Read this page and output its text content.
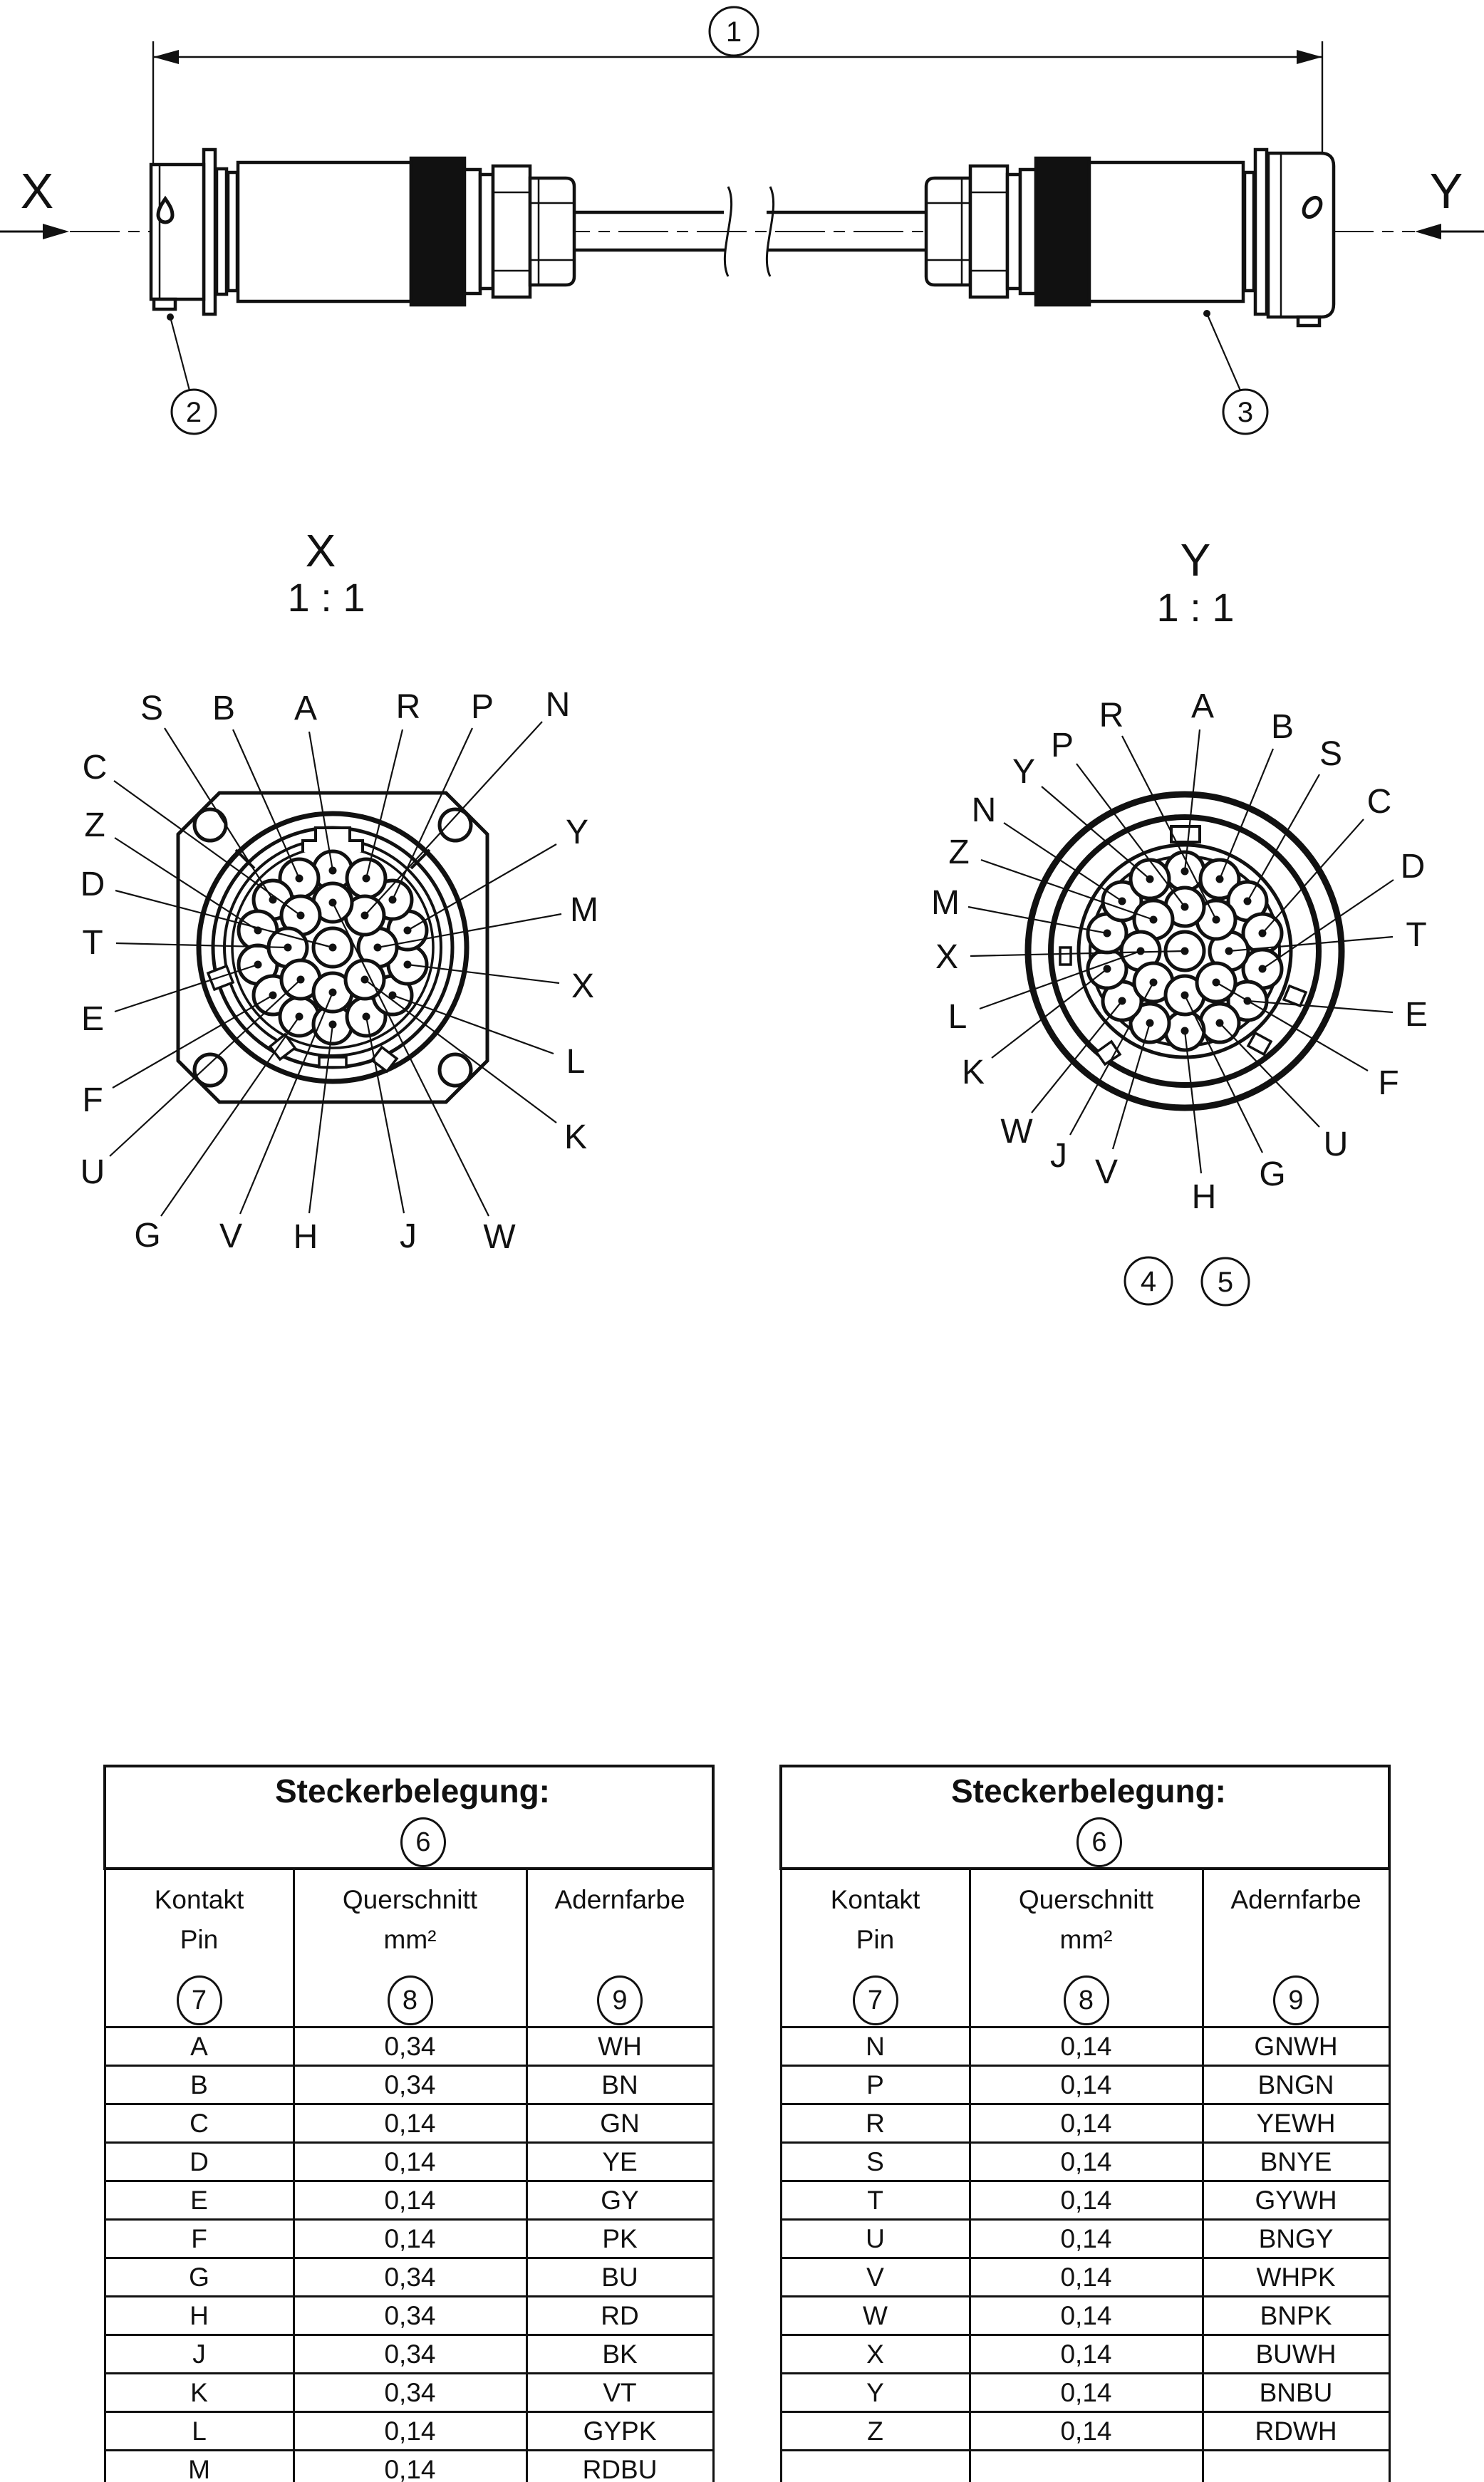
1
X	Y
2	3
X
1 : 1
S B A R P N
C
Z
D
T
E
F
U
Y
M
X
L
K
G V H J W
Y
1 : 1
R A
B
S
C
D
T
E
F
U
G
H
V
J
W
K
L
X
M
Z
N
Y
P
4 5
Steckerbelegung:
6		

Kontakt
Pin
7	
Querschnitt
mm²
8	
Adernfarbe
9
A	0,34	WH
B	0,34	BN
C	0,14	GN
D	0,14	YE
E	0,14	GY
F	0,14	PK
G	0,34	BU
H	0,34	RD
J	0,34	BK
K	0,34	VT
L	0,14	GYPK
M	0,14	RDBU
Steckerbelegung:
6		

Kontakt
Pin
7	
Querschnitt
mm²
8	
Adernfarbe
9
N	0,14	GNWH
P	0,14	BNGN
R	0,14	YEWH
S	0,14	BNYE
T	0,14	GYWH
U	0,14	BNGY
V	0,14	WHPK
W	0,14	BNPK
X	0,14	BUWH
Y	0,14	BNBU
Z	0,14	RDWH
